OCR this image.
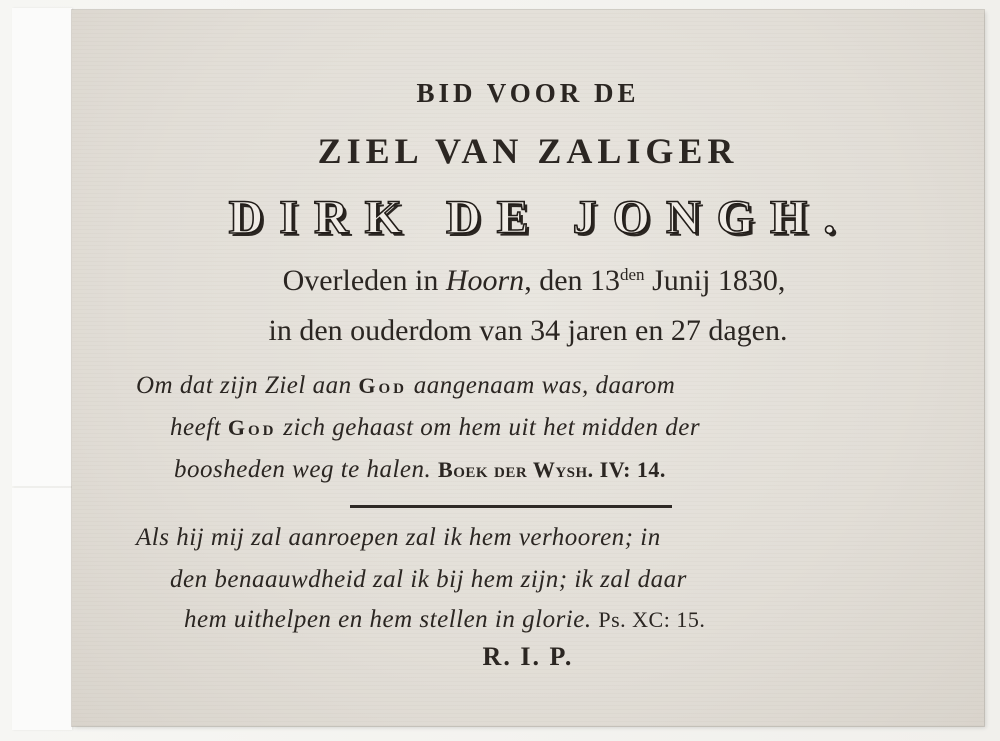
BID VOOR DE
ZIEL VAN ZALIGER
DIRK DE JONGH.
Overleden in Hoorn, den $13^{den}$ Junij 1830,
in den ouderdom van 34 jaren en 27 dagen.
Om dat zijn Ziel aan God aangenaam was, daarom
heeft God zich gehaast om hem uit het midden der
boosheden weg te halen. Boek der Wysh. IV: 14.
Als hij mij zal aanroepen zal ik hem verhooren; in
den benaauwdheid zal ik bij hem zijn; ik zal daar
hem uithelpen en hem stellen in glorie. Ps. XC: 15.
R. I. P.
